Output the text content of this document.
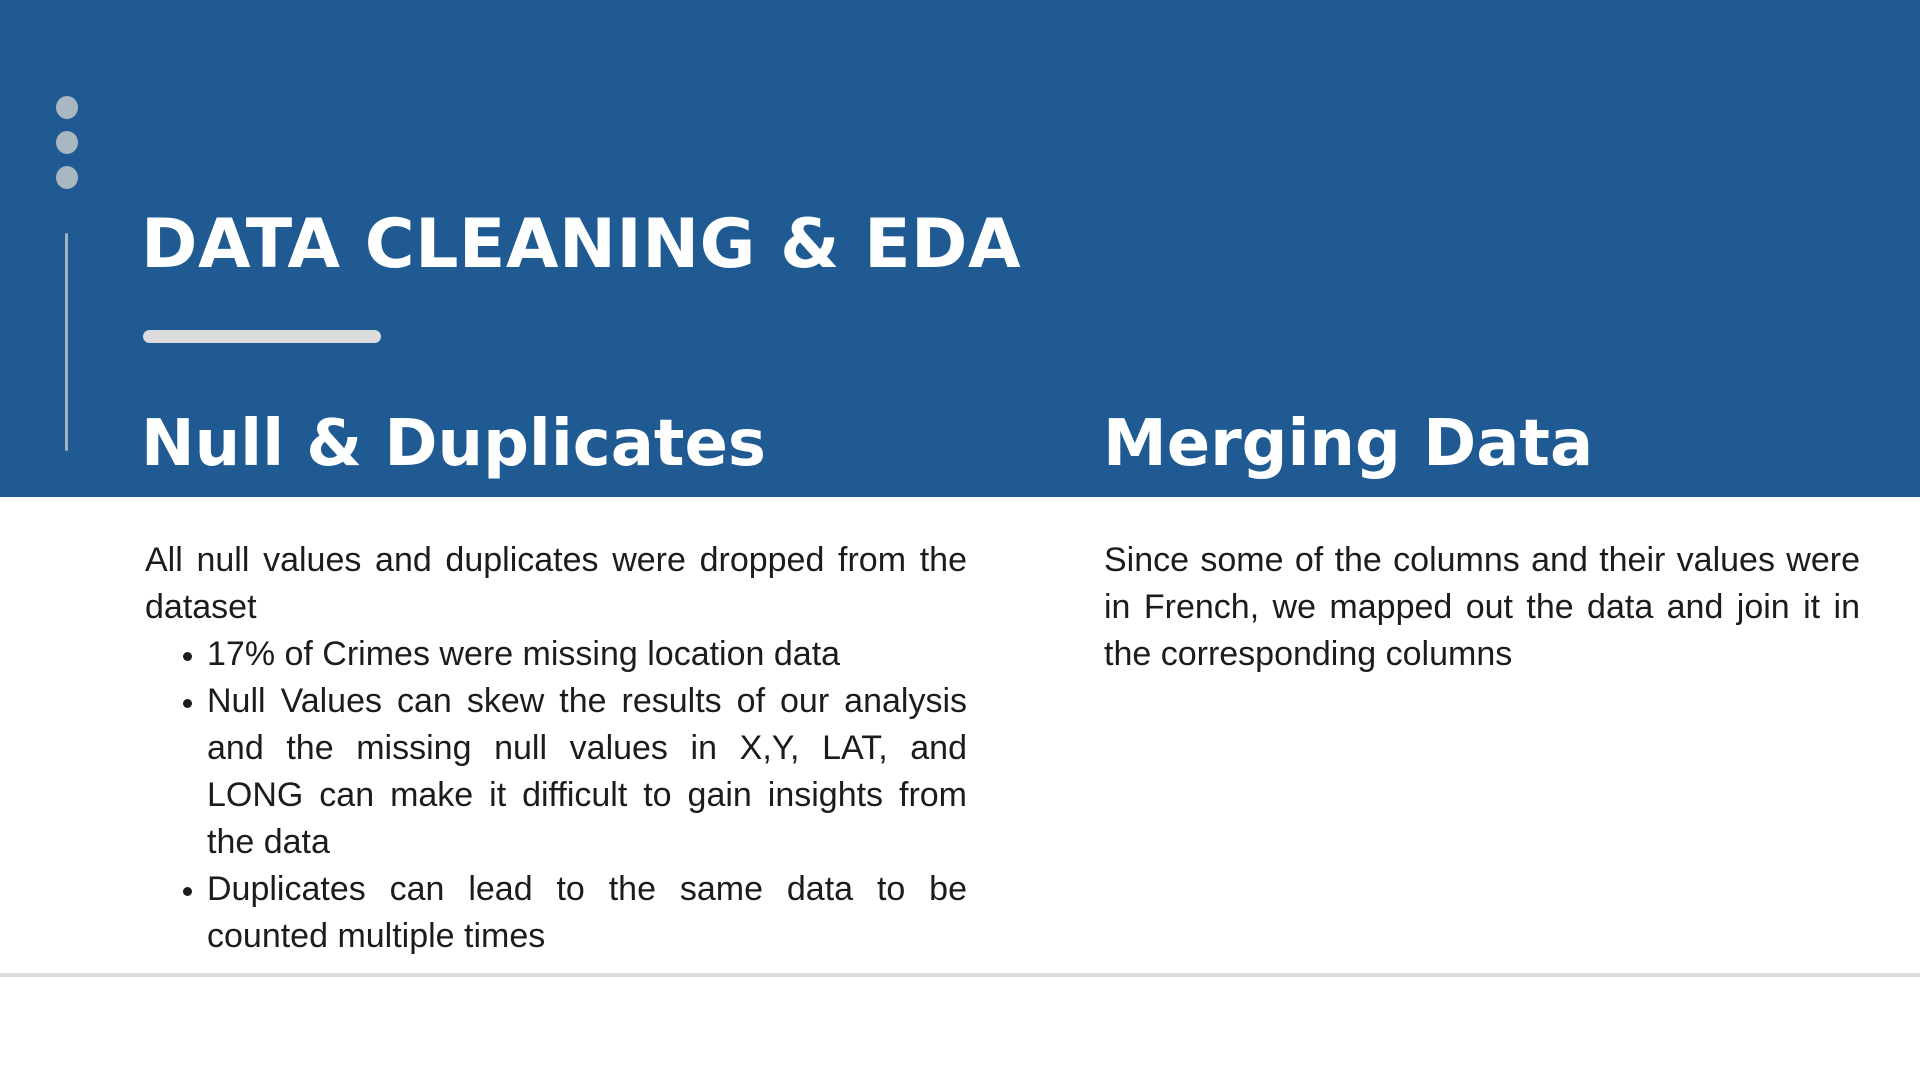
DATA CLEANING & EDA
Null & Duplicates	Merging Data

All null values and duplicates were dropped from the dataset

• 17% of Crimes were missing location data
• Null Values can skew the results of our analysis and the missing null values in X,Y, LAT, and LONG can make it difficult to gain insights from the data
• Duplicates can lead to the same data to be counted multiple times

Since some of the columns and their values were in French, we mapped out the data and join it in the corresponding columns
